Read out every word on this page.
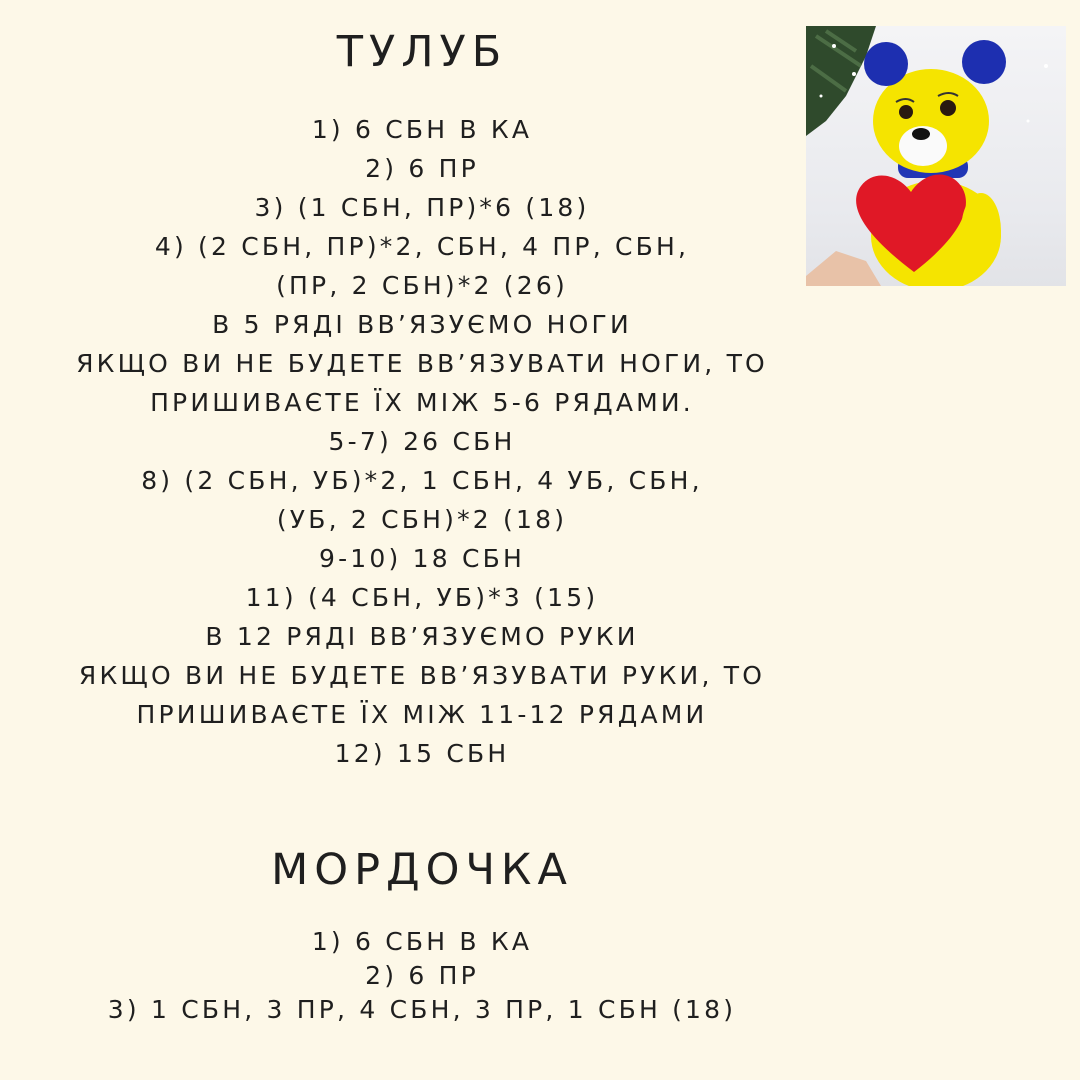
ТУЛУБ
1) 6 СБН В КА
2) 6 ПР
3) (1 СБН, ПР)*6 (18)
4) (2 СБН, ПР)*2, СБН, 4 ПР, СБН,
(ПР, 2 СБН)*2 (26)
В 5 РЯДІ ВВ’ЯЗУЄМО НОГИ
ЯКЩО ВИ НЕ БУДЕТЕ ВВ’ЯЗУВАТИ НОГИ, ТО
ПРИШИВАЄТЕ ЇХ МІЖ 5-6 РЯДАМИ.
5-7) 26 СБН
8) (2 СБН, УБ)*2, 1 СБН, 4 УБ, СБН,
(УБ, 2 СБН)*2 (18)
9-10) 18 СБН
11) (4 СБН, УБ)*3 (15)
В 12 РЯДІ ВВ’ЯЗУЄМО РУКИ
ЯКЩО ВИ НЕ БУДЕТЕ ВВ’ЯЗУВАТИ РУКИ, ТО
ПРИШИВАЄТЕ ЇХ МІЖ 11-12 РЯДАМИ
12) 15 СБН
МОРДОЧКА
1) 6 СБН В КА
2) 6 ПР
3) 1 СБН, 3 ПР, 4 СБН, 3 ПР, 1 СБН (18)
